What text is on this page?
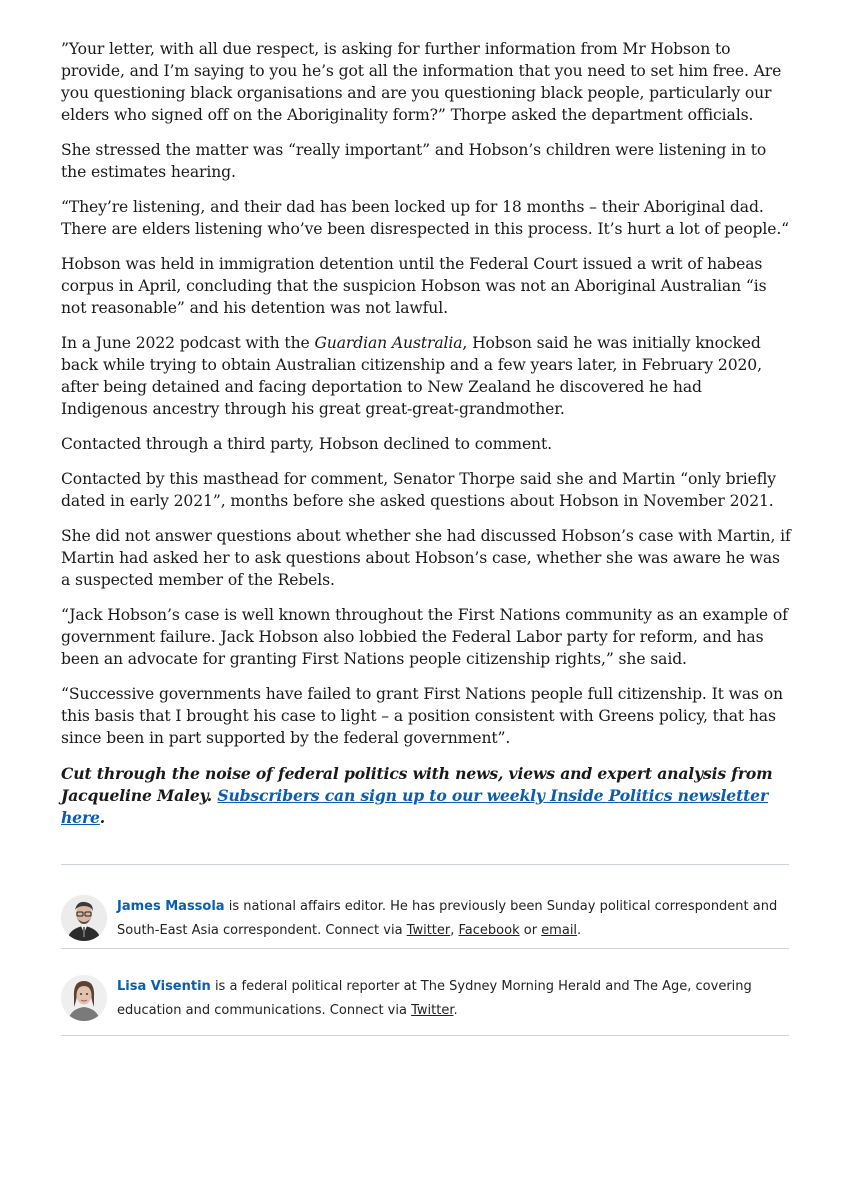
”Your letter, with all due respect, is asking for further information from Mr Hobson to provide, and I’m saying to you he’s got all the information that you need to set him free. Are you questioning black organisations and are you questioning black people, particularly our elders who signed off on the Aboriginality form?” Thorpe asked the department officials.

She stressed the matter was “really important” and Hobson’s children were listening in to the estimates hearing.

“They’re listening, and their dad has been locked up for 18 months – their Aboriginal dad. There are elders listening who’ve been disrespected in this process. It’s hurt a lot of people.“

Hobson was held in immigration detention until the Federal Court issued a writ of habeas corpus in April, concluding that the suspicion Hobson was not an Aboriginal Australian “is not reasonable” and his detention was not lawful.

In a June 2022 podcast with the Guardian Australia, Hobson said he was initially knocked back while trying to obtain Australian citizenship and a few years later, in February 2020, after being detained and facing deportation to New Zealand he discovered he had Indigenous ancestry through his great great-great-grandmother.

Contacted through a third party, Hobson declined to comment.

Contacted by this masthead for comment, Senator Thorpe said she and Martin “only briefly dated in early 2021”, months before she asked questions about Hobson in November 2021.

She did not answer questions about whether she had discussed Hobson’s case with Martin, if Martin had asked her to ask questions about Hobson’s case, whether she was aware he was a suspected member of the Rebels.

“Jack Hobson’s case is well known throughout the First Nations community as an example of government failure. Jack Hobson also lobbied the Federal Labor party for reform, and has been an advocate for granting First Nations people citizenship rights,” she said.

“Successive governments have failed to grant First Nations people full citizenship. It was on this basis that I brought his case to light – a position consistent with Greens policy, that has since been in part supported by the federal government”.

Cut through the noise of federal politics with news, views and expert analysis from Jacqueline Maley. Subscribers can sign up to our weekly Inside Politics newsletter here.

James Massola is national affairs editor. He has previously been Sunday political correspondent and South-East Asia correspondent. Connect via Twitter, Facebook or email.
Lisa Visentin is a federal political reporter at The Sydney Morning Herald and The Age, covering education and communications. Connect via Twitter.
